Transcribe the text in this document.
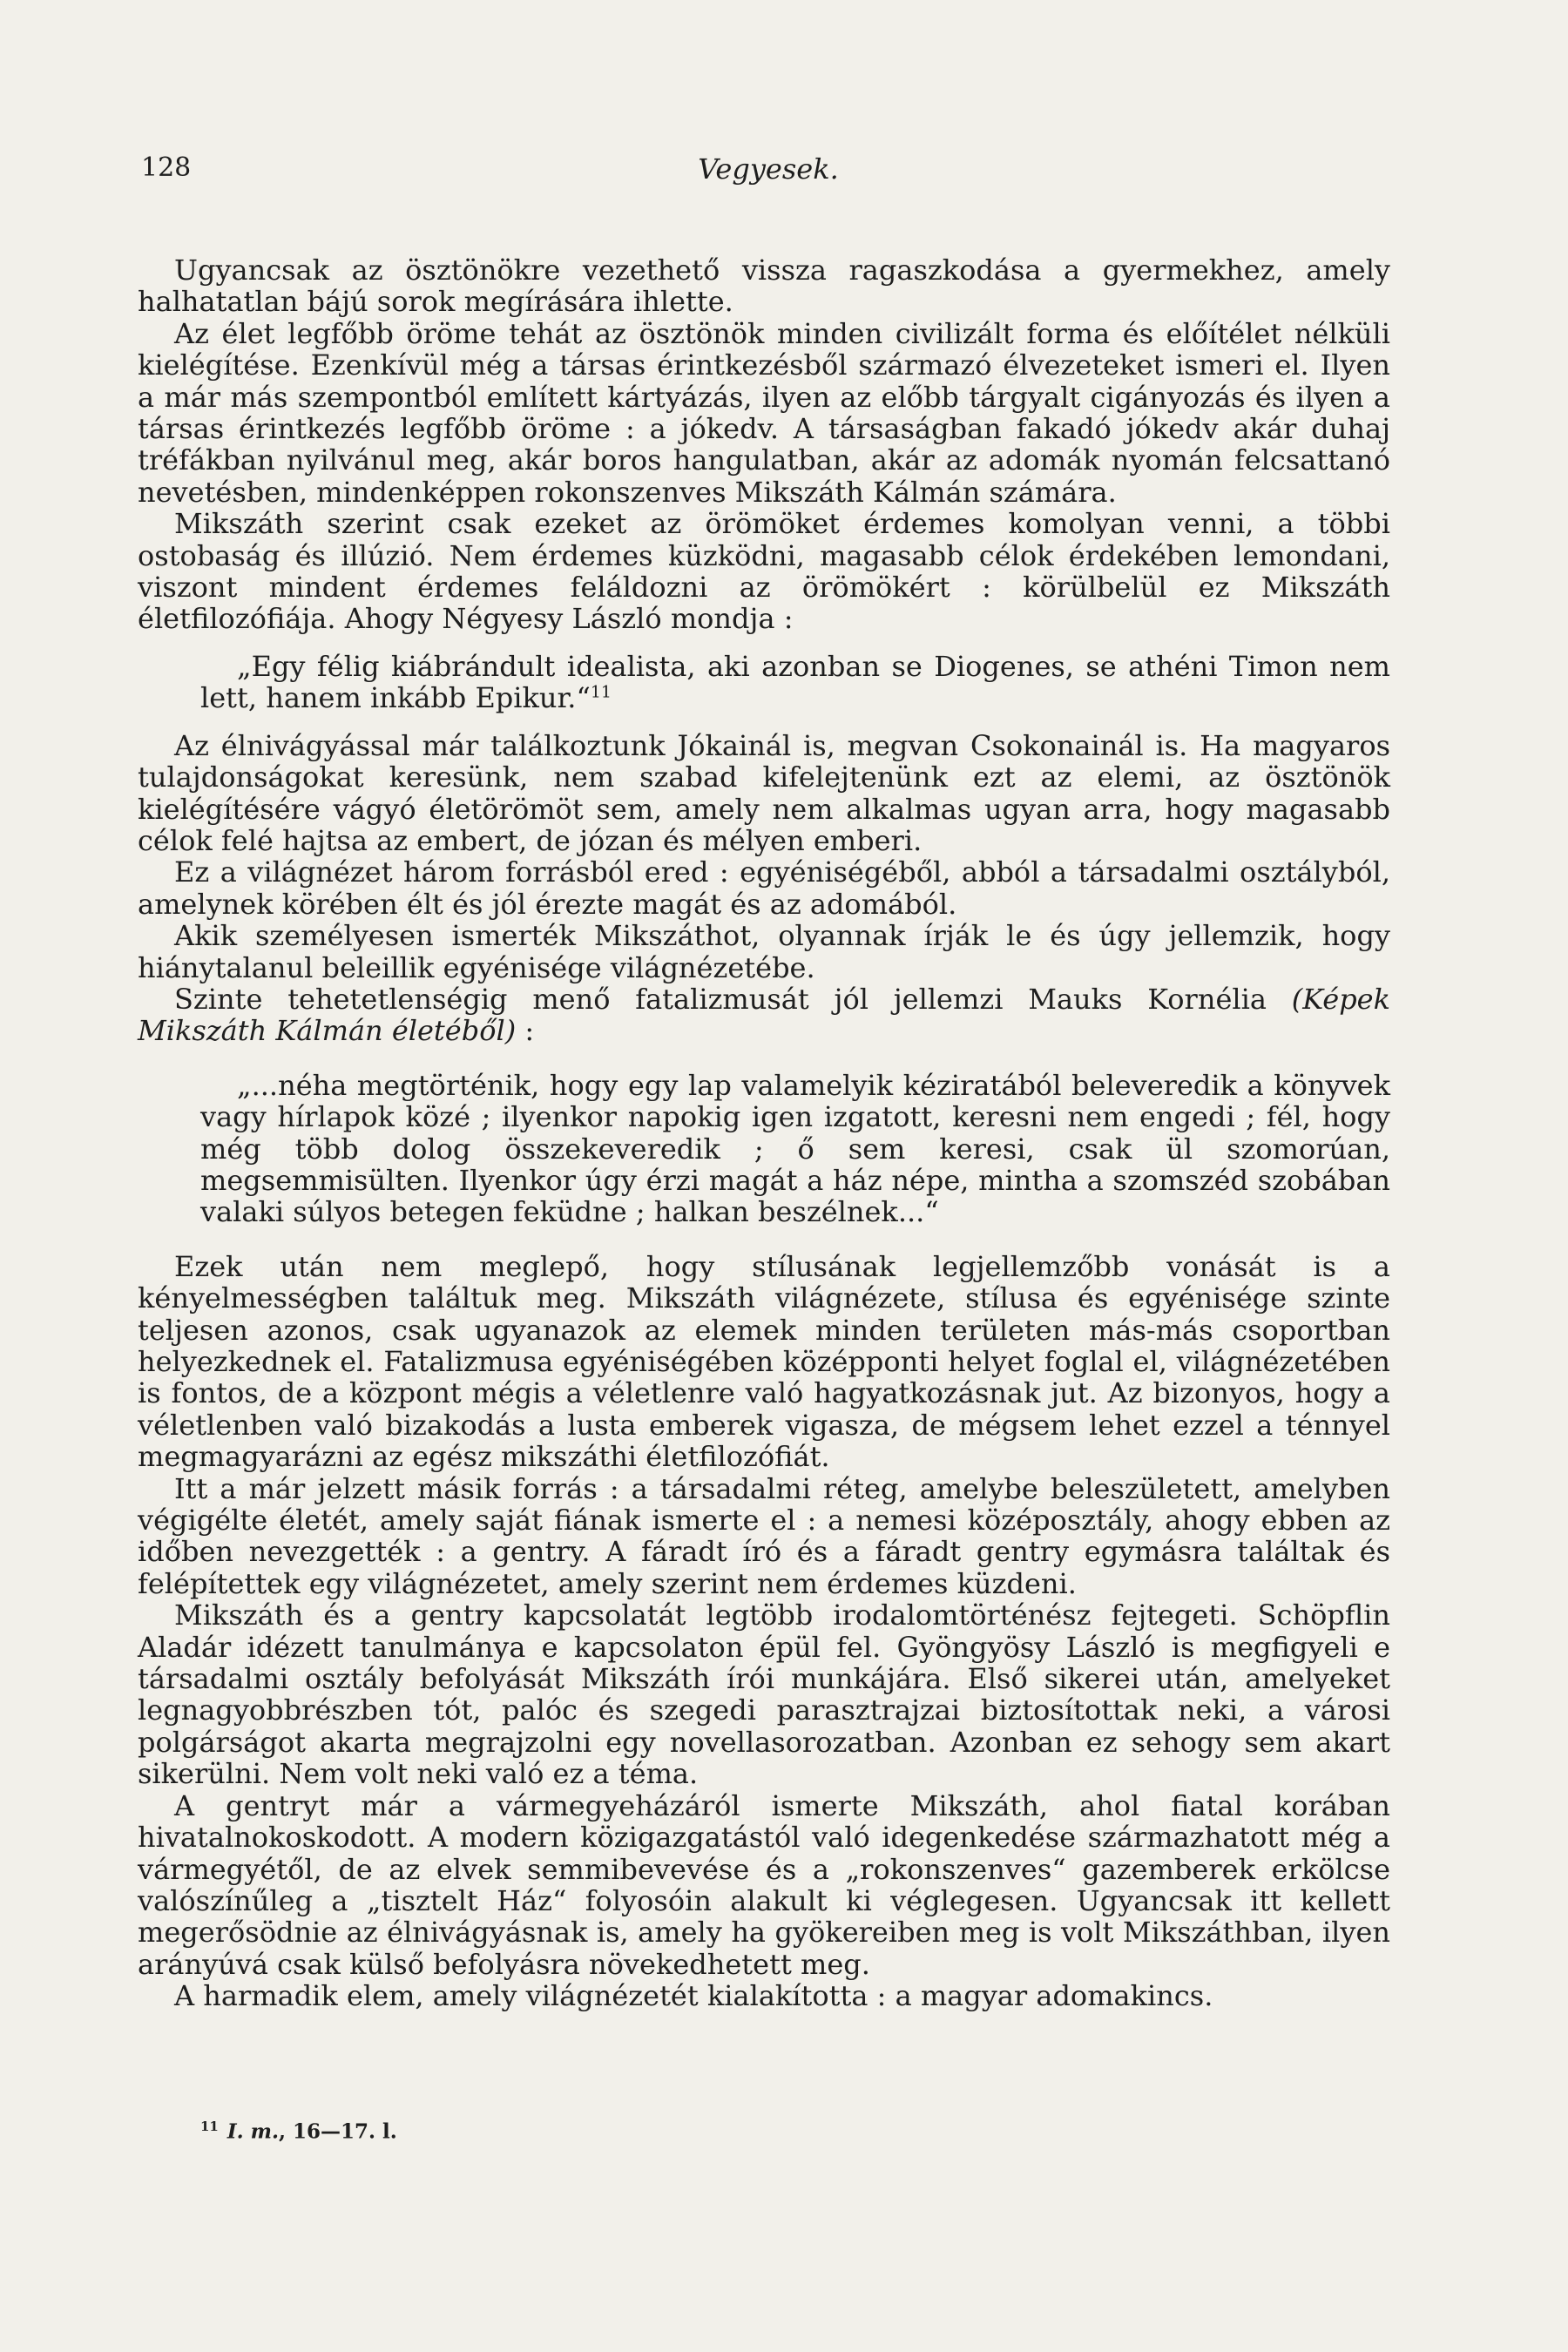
128	Vegyesek.

Ugyancsak az ösztönökre vezethető vissza ragaszkodása a gyermekhez, amely halhatatlan bájú sorok megírására ihlette.

Az élet legfőbb öröme tehát az ösztönök minden civilizált forma és előítélet nélküli kielégítése. Ezenkívül még a társas érintkezésből származó élvezeteket ismeri el. Ilyen a már más szempontból említett kártyázás, ilyen az előbb tárgyalt cigányozás és ilyen a társas érintkezés legfőbb öröme : a jókedv. A társaságban fakadó jókedv akár duhaj tréfákban nyilvánul meg, akár boros hangulatban, akár az adomák nyomán felcsattanó nevetésben, mindenképpen rokonszenves Mikszáth Kálmán számára.

Mikszáth szerint csak ezeket az örömöket érdemes komolyan venni, a többi ostobaság és illúzió. Nem érdemes küzködni, magasabb célok érdekében lemondani, viszont mindent érdemes feláldozni az örömökért : körülbelül ez Mikszáth életfilozófiája. Ahogy Négyesy László mondja :

„Egy félig kiábrándult idealista, aki azonban se Diogenes, se athéni Timon nem lett, hanem inkább Epikur.“$^{11}$

Az élnivágyással már találkoztunk Jókainál is, megvan Csokonainál is. Ha magyaros tulajdonságokat keresünk, nem szabad kifelejtenünk ezt az elemi, az ösztönök kielégítésére vágyó életörömöt sem, amely nem alkalmas ugyan arra, hogy magasabb célok felé hajtsa az embert, de józan és mélyen emberi.

Ez a világnézet három forrásból ered : egyéniségéből, abból a társadalmi osztályból, amelynek körében élt és jól érezte magát és az adomából.

Akik személyesen ismerték Mikszáthot, olyannak írják le és úgy jellemzik, hogy hiánytalanul beleillik egyénisége világnézetébe.

Szinte tehetetlenségig menő fatalizmusát jól jellemzi Mauks Kornélia (Képek Mikszáth Kálmán életéből) :

„...néha megtörténik, hogy egy lap valamelyik kéziratából beleveredik a könyvek vagy hírlapok közé ; ilyenkor napokig igen izgatott, keresni nem engedi ; fél, hogy még több dolog összekeveredik ; ő sem keresi, csak ül szomorúan, megsemmisülten. Ilyenkor úgy érzi magát a ház népe, mintha a szomszéd szobában valaki súlyos betegen feküdne ; halkan beszélnek...“

Ezek után nem meglepő, hogy stílusának legjellemzőbb vonását is a kényelmességben találtuk meg. Mikszáth világnézete, stílusa és egyénisége szinte teljesen azonos, csak ugyanazok az elemek minden területen más-más csoportban helyezkednek el. Fatalizmusa egyéniségében középponti helyet foglal el, világnézetében is fontos, de a központ mégis a véletlenre való hagyatkozásnak jut. Az bizonyos, hogy a véletlenben való bizakodás a lusta emberek vigasza, de mégsem lehet ezzel a ténnyel megmagyarázni az egész mikszáthi életfilozófiát.

Itt a már jelzett másik forrás : a társadalmi réteg, amelybe beleszületett, amelyben végigélte életét, amely saját fiának ismerte el : a nemesi középosztály, ahogy ebben az időben nevezgették : a gentry. A fáradt író és a fáradt gentry egymásra találtak és felépítettek egy világnézetet, amely szerint nem érdemes küzdeni.

Mikszáth és a gentry kapcsolatát legtöbb irodalomtörténész fejtegeti. Schöpflin Aladár idézett tanulmánya e kapcsolaton épül fel. Gyöngyösy László is megfigyeli e társadalmi osztály befolyását Mikszáth írói munkájára. Első sikerei után, amelyeket legnagyobbrészben tót, palóc és szegedi parasztrajzai biztosítottak neki, a városi polgárságot akarta megrajzolni egy novellasorozatban. Azonban ez sehogy sem akart sikerülni. Nem volt neki való ez a téma.

A gentryt már a vármegyeházáról ismerte Mikszáth, ahol fiatal korában hivatalnokoskodott. A modern közigazgatástól való idegenkedése származhatott még a vármegyétől, de az elvek semmibevevése és a „rokonszenves“ gazemberek erkölcse valószínűleg a „tisztelt Ház“ folyosóin alakult ki véglegesen. Ugyancsak itt kellett megerősödnie az élnivágyásnak is, amely ha gyökereiben meg is volt Mikszáthban, ilyen arányúvá csak külső befolyásra növekedhetett meg.

A harmadik elem, amely világnézetét kialakította : a magyar adomakincs.

$^{11}$ I. m., 16—17. l.
